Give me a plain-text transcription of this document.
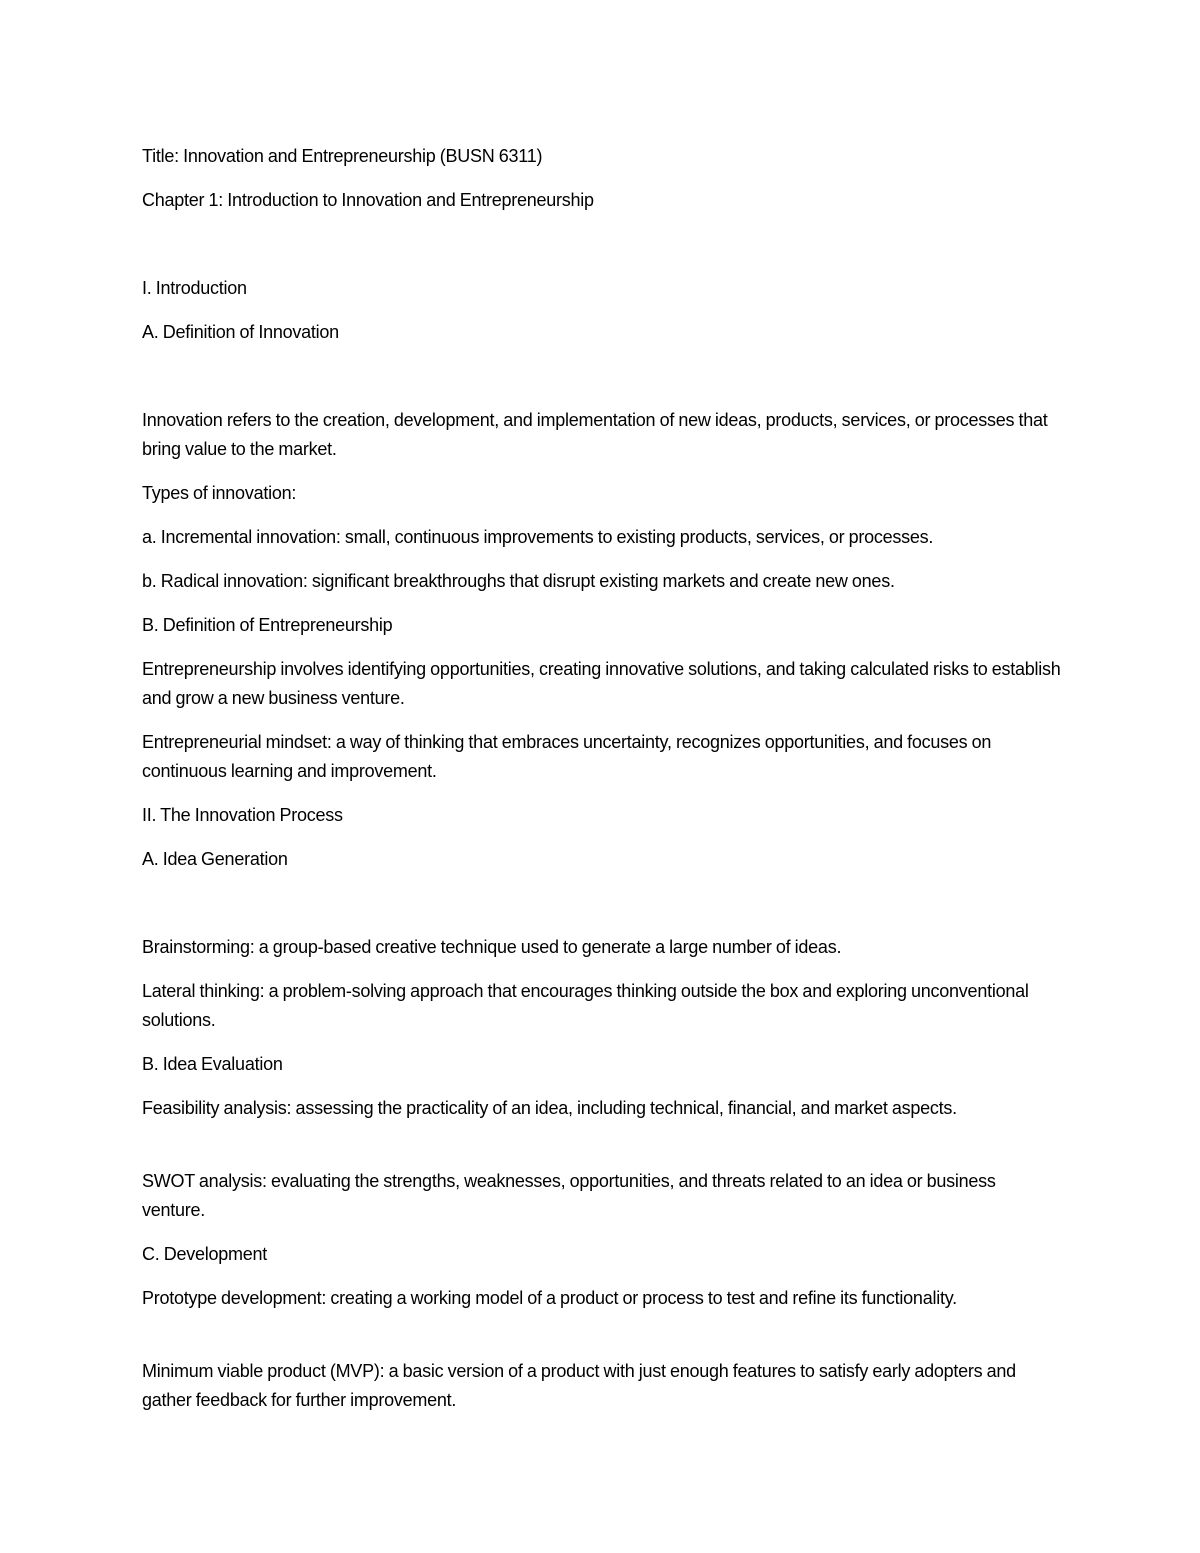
Title: Innovation and Entrepreneurship (BUSN 6311)

Chapter 1: Introduction to Innovation and Entrepreneurship

I. Introduction

A. Definition of Innovation

Innovation refers to the creation, development, and implementation of new ideas, products, services, or processes that bring value to the market.

Types of innovation:

a. Incremental innovation: small, continuous improvements to existing products, services, or processes.

b. Radical innovation: significant breakthroughs that disrupt existing markets and create new ones.

B. Definition of Entrepreneurship

Entrepreneurship involves identifying opportunities, creating innovative solutions, and taking calculated risks to establish and grow a new business venture.

Entrepreneurial mindset: a way of thinking that embraces uncertainty, recognizes opportunities, and focuses on continuous learning and improvement.

II. The Innovation Process

A. Idea Generation

Brainstorming: a group-based creative technique used to generate a large number of ideas.

Lateral thinking: a problem-solving approach that encourages thinking outside the box and exploring unconventional solutions.

B. Idea Evaluation

Feasibility analysis: assessing the practicality of an idea, including technical, financial, and market aspects.

SWOT analysis: evaluating the strengths, weaknesses, opportunities, and threats related to an idea or business venture.

C. Development

Prototype development: creating a working model of a product or process to test and refine its functionality.

Minimum viable product (MVP): a basic version of a product with just enough features to satisfy early adopters and gather feedback for further improvement.
